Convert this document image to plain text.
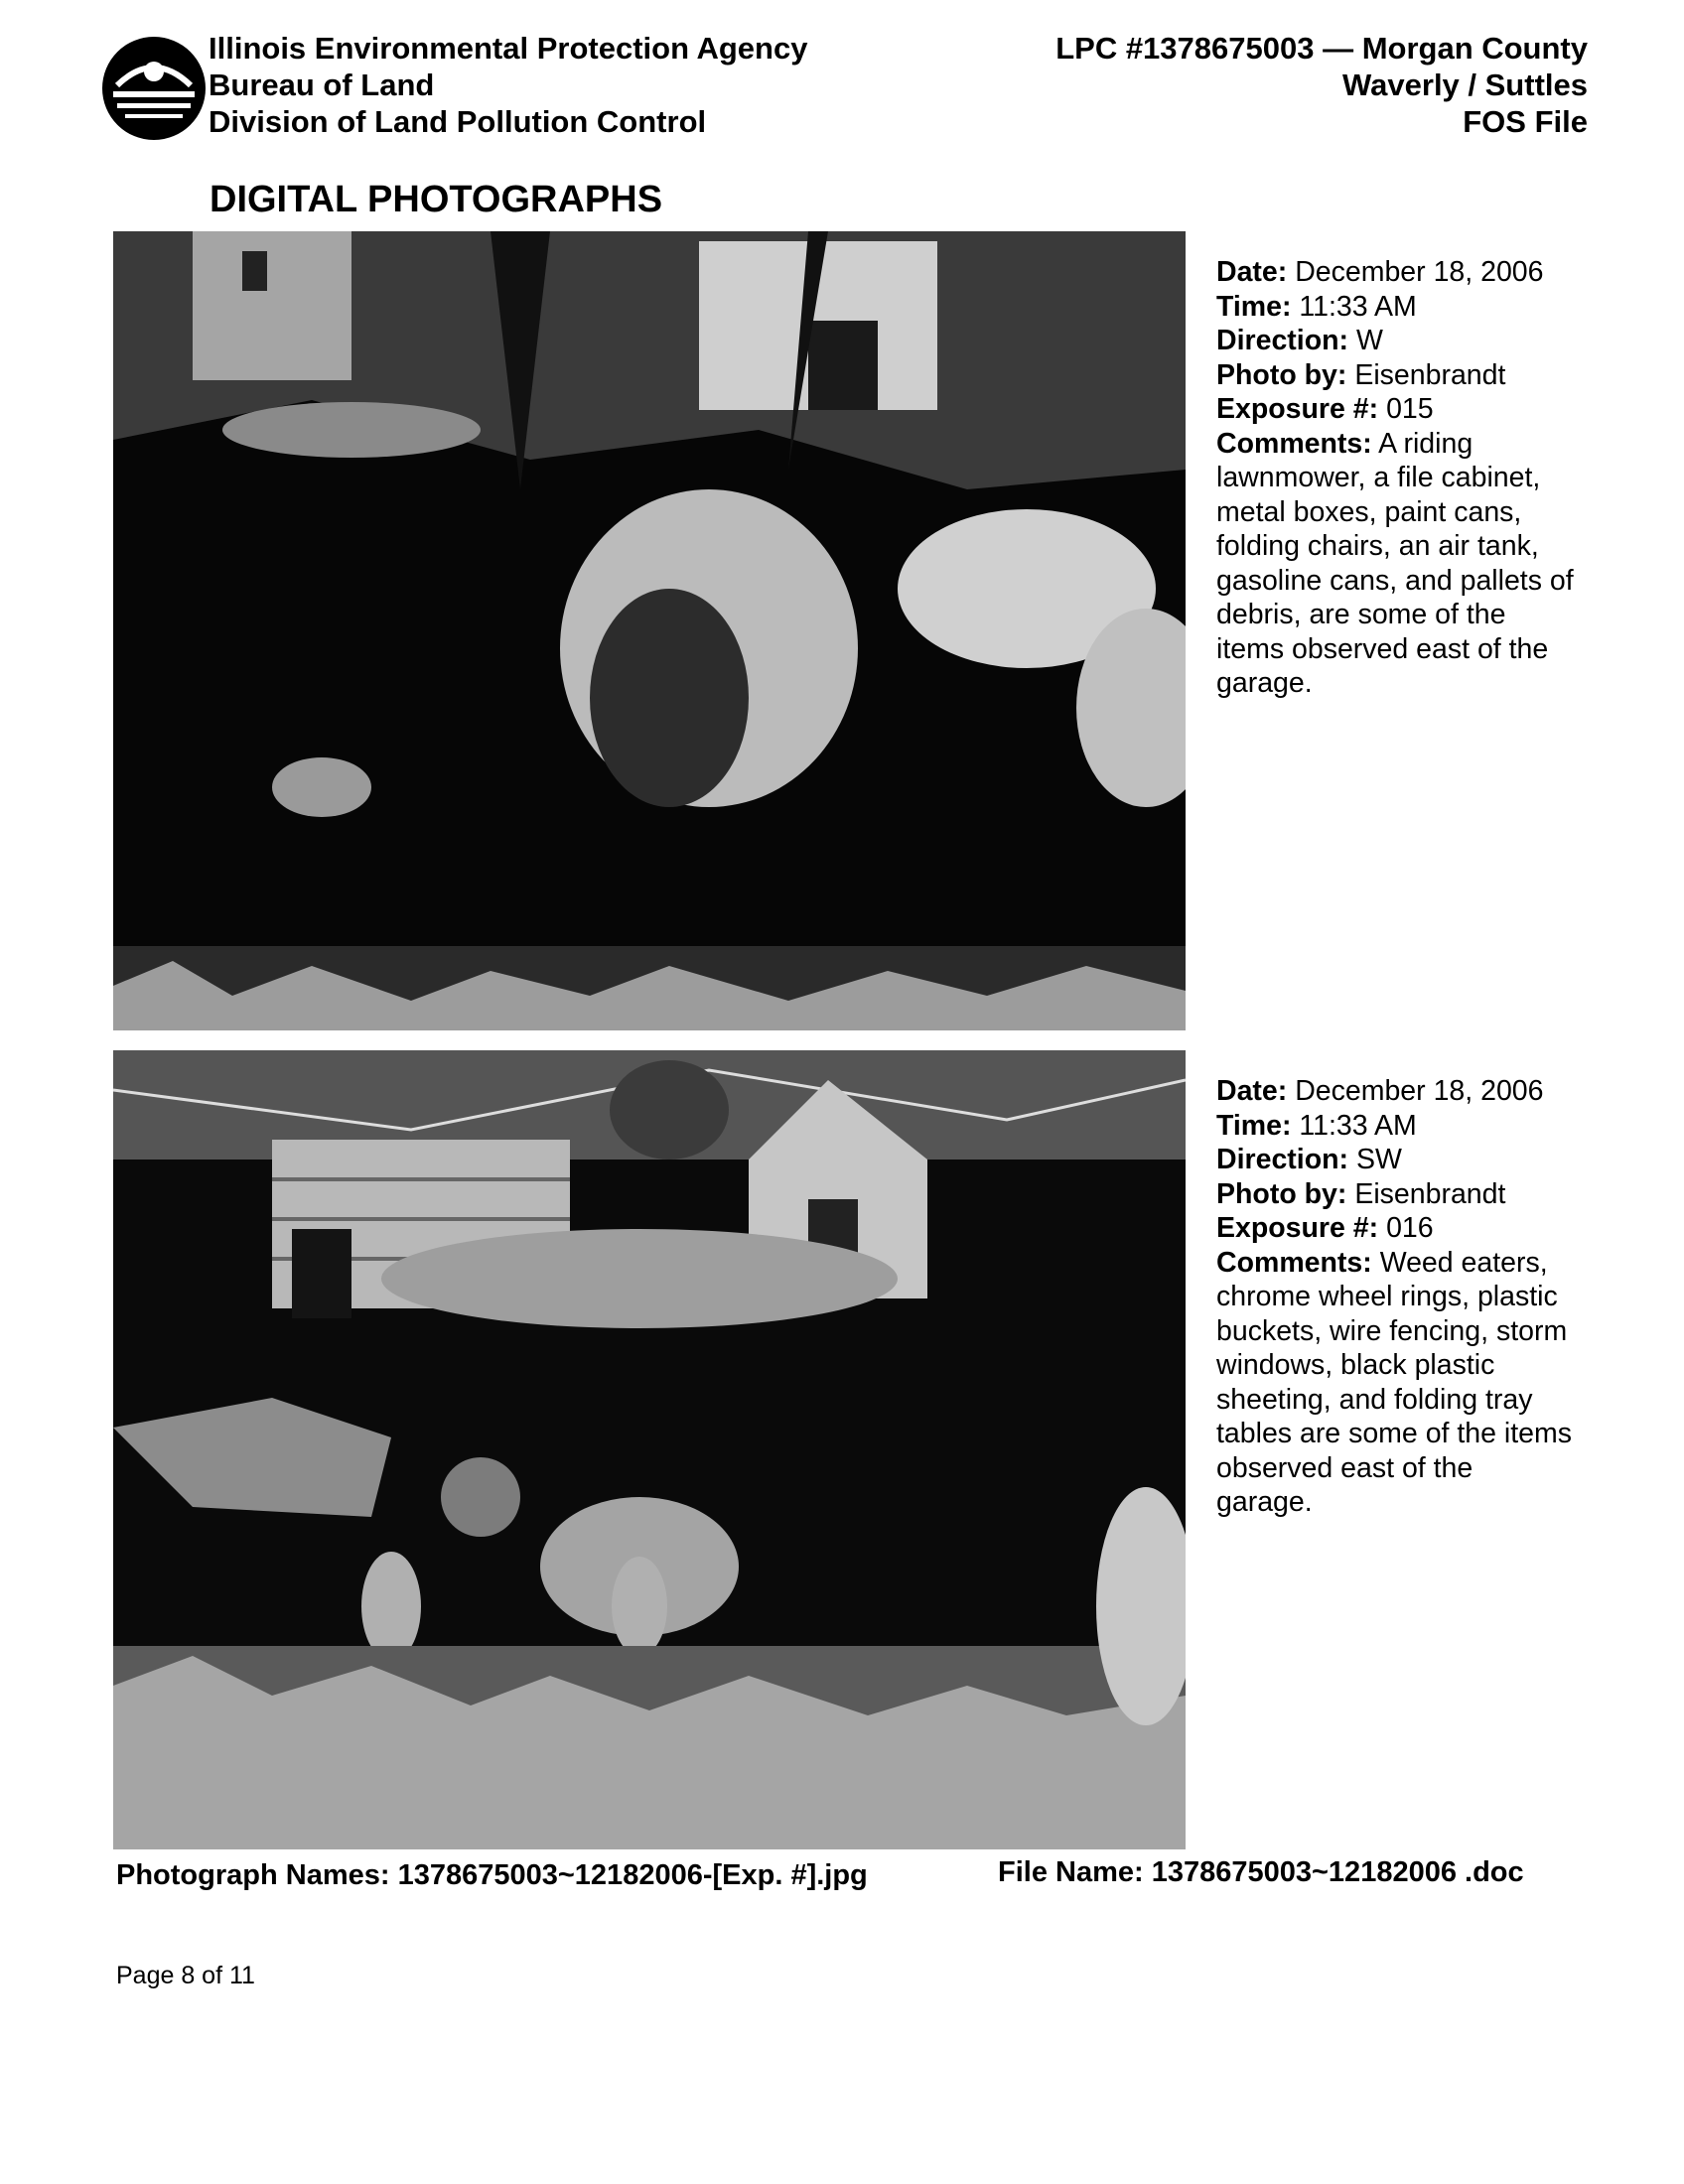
Illinois Environmental Protection Agency
Bureau of Land
Division of Land Pollution Control
LPC #1378675003 — Morgan County
Waverly / Suttles
FOS File
DIGITAL PHOTOGRAPHS
Date: December 18, 2006
Time: 11:33 AM
Direction: W
Photo by: Eisenbrandt
Exposure #: 015
Comments: A riding lawnmower, a file cabinet, metal boxes, paint cans, folding chairs, an air tank, gasoline cans, and pallets of debris, are some of the items observed east of the garage.
Date: December 18, 2006
Time: 11:33 AM
Direction: SW
Photo by: Eisenbrandt
Exposure #: 016
Comments: Weed eaters, chrome wheel rings, plastic buckets, wire fencing, storm windows, black plastic sheeting, and folding tray tables are some of the items observed east of the garage.
Photograph Names: 1378675003~12182006-[Exp. #].jpg	File Name: 1378675003~12182006 .doc
Page 8 of 11
